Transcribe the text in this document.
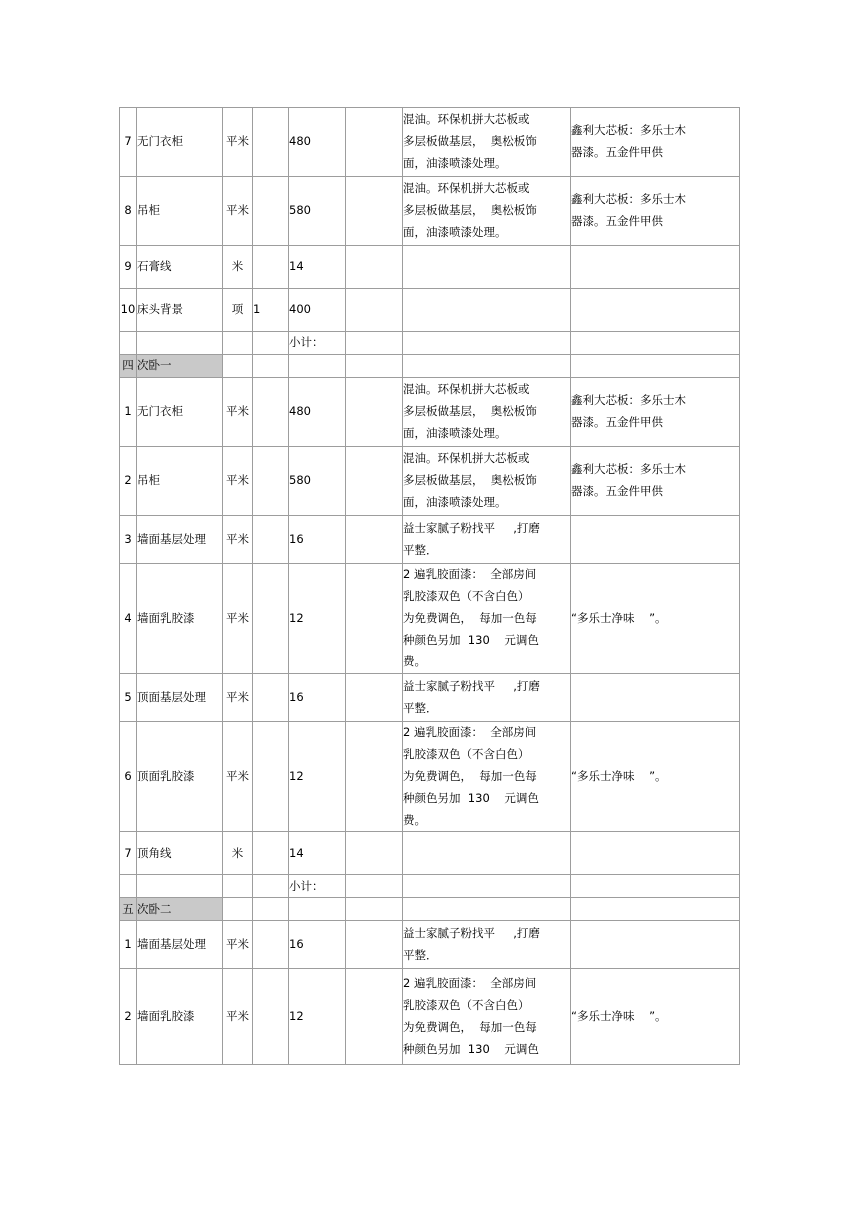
7	无门衣柜	平米		480		混油。环保机拼大芯板或
多层板做基层，  奥松板饰
面，油漆喷漆处理。	鑫利大芯板：多乐士木
器漆。五金件甲供

8	吊柜	平米		580		混油。环保机拼大芯板或
多层板做基层，  奥松板饰
面，油漆喷漆处理。	鑫利大芯板：多乐士木
器漆。五金件甲供

9	石膏线	米		14			
10	床头背景	项	1	400			
				小计：			
四	次卧一						
1	无门衣柜	平米		480		混油。环保机拼大芯板或
多层板做基层，  奥松板饰
面，油漆喷漆处理。	鑫利大芯板：多乐士木
器漆。五金件甲供

2	吊柜	平米		580		混油。环保机拼大芯板或
多层板做基层，  奥松板饰
面，油漆喷漆处理。	鑫利大芯板：多乐士木
器漆。五金件甲供

3	墙面基层处理	平米		16		益士家腻子粉找平     ,打磨
平整．	

4	墙面乳胶漆	平米		12		2 遍乳胶面漆：  全部房间
乳胶漆双色（不含白色）
为免费调色，  每加一色每
种颜色另加  130    元调色
费。	“多乐士净味    ”。

5	顶面基层处理	平米		16		益士家腻子粉找平     ,打磨
平整．	

6	顶面乳胶漆	平米		12		2 遍乳胶面漆：  全部房间
乳胶漆双色（不含白色）
为免费调色，  每加一色每
种颜色另加  130    元调色
费。	“多乐士净味    ”。

7	顶角线	米		14			
				小计：			
五	次卧二						
1	墙面基层处理	平米		16		益士家腻子粉找平     ,打磨
平整．	

2	墙面乳胶漆	平米		12		2 遍乳胶面漆：  全部房间
乳胶漆双色（不含白色）
为免费调色，  每加一色每
种颜色另加  130    元调色	“多乐士净味    ”。
